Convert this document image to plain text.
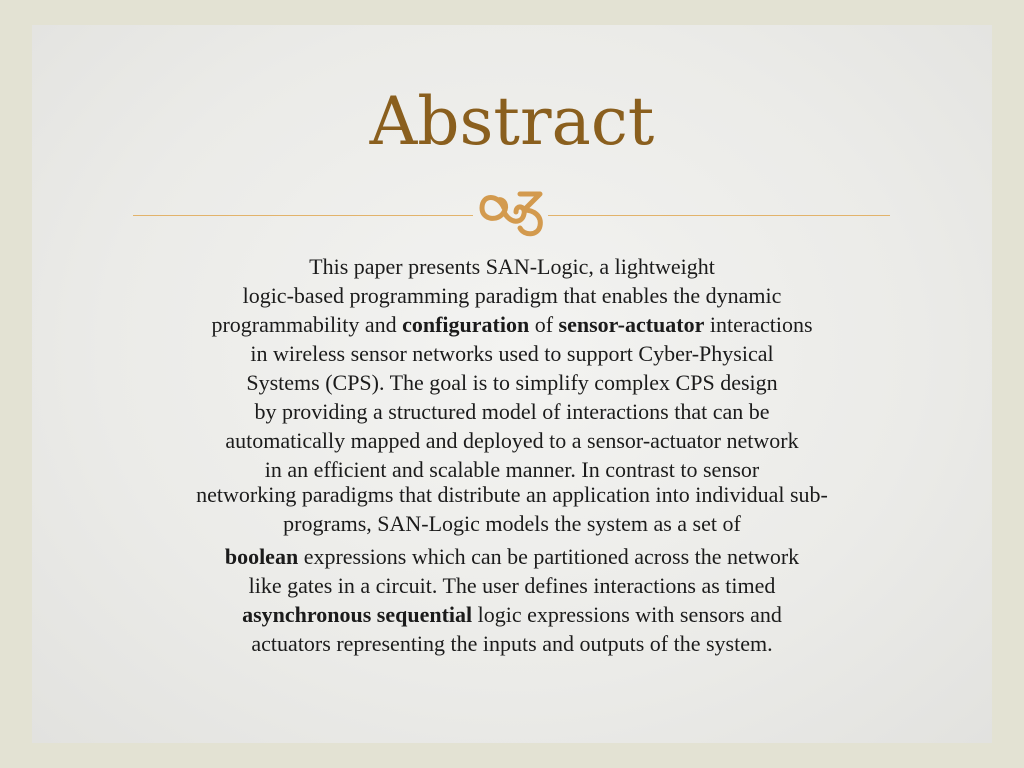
Abstract
This paper presents SAN-Logic, a lightweight
logic-based programming paradigm that enables the dynamic
programmability and configuration of sensor-actuator interactions
in wireless sensor networks used to support Cyber-Physical
Systems (CPS). The goal is to simplify complex CPS design
by providing a structured model of interactions that can be
automatically mapped and deployed to a sensor-actuator network
in an efficient and scalable manner. In contrast to sensor
networking paradigms that distribute an application into individual sub-
programs, SAN-Logic models the system as a set of
boolean expressions which can be partitioned across the network
like gates in a circuit. The user defines interactions as timed
asynchronous sequential logic expressions with sensors and
actuators representing the inputs and outputs of the system.
